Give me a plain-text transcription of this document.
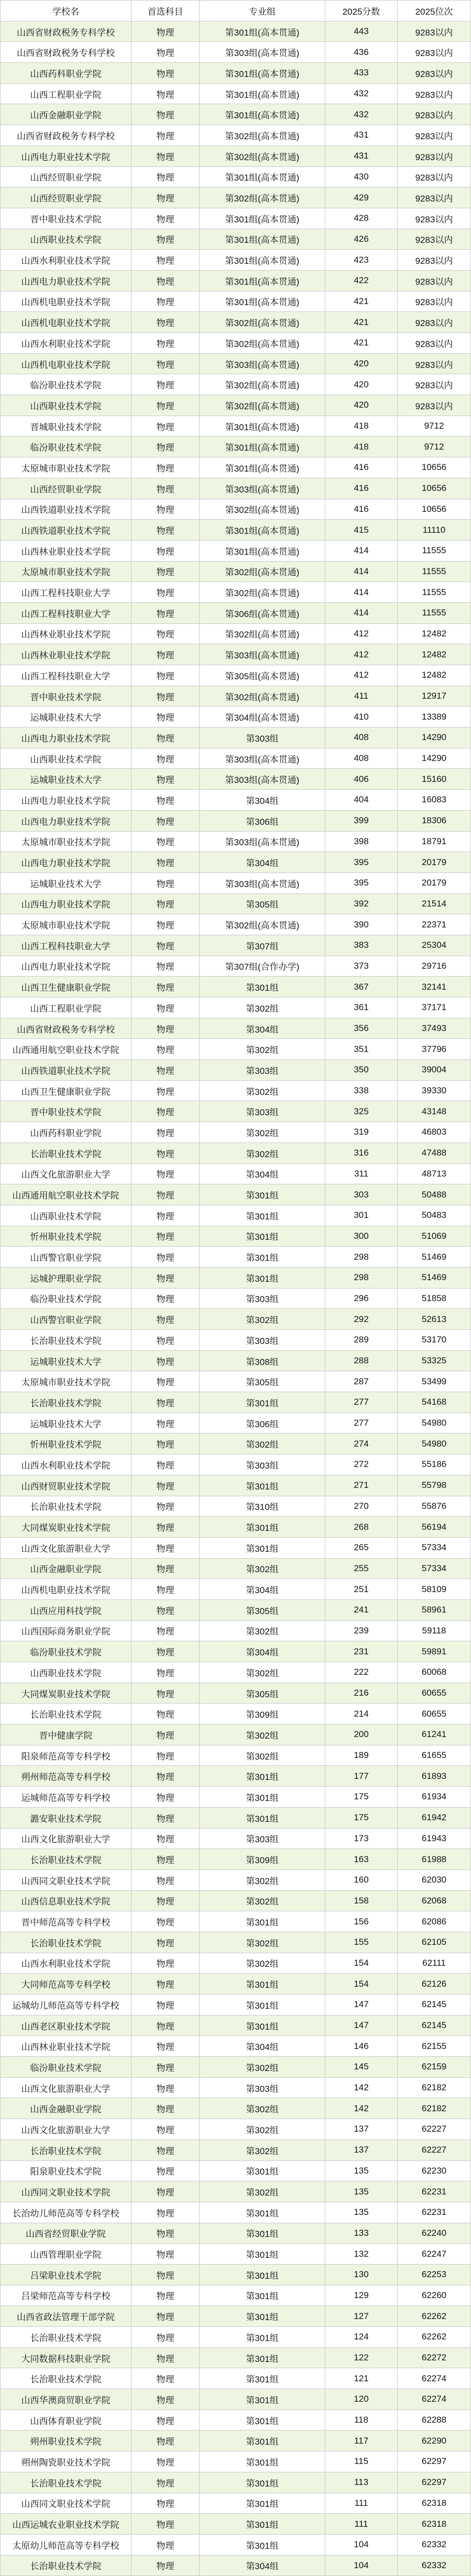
学校名	首选科目	专业组	2025分数	2025位次
山西省财政税务专科学校	物理	第301组(高本贯通)	443	9283以内
山西省财政税务专科学校	物理	第303组(高本贯通)	436	9283以内
山西药科职业学院	物理	第301组(高本贯通)	433	9283以内
山西工程职业学院	物理	第301组(高本贯通)	432	9283以内
山西金融职业学院	物理	第301组(高本贯通)	432	9283以内
山西省财政税务专科学校	物理	第302组(高本贯通)	431	9283以内
山西电力职业技术学院	物理	第302组(高本贯通)	431	9283以内
山西经贸职业学院	物理	第301组(高本贯通)	430	9283以内
山西经贸职业学院	物理	第302组(高本贯通)	429	9283以内
晋中职业技术学院	物理	第301组(高本贯通)	428	9283以内
山西职业技术学院	物理	第301组(高本贯通)	426	9283以内
山西水利职业技术学院	物理	第301组(高本贯通)	423	9283以内
山西电力职业技术学院	物理	第301组(高本贯通)	422	9283以内
山西机电职业技术学院	物理	第301组(高本贯通)	421	9283以内
山西机电职业技术学院	物理	第302组(高本贯通)	421	9283以内
山西水利职业技术学院	物理	第302组(高本贯通)	421	9283以内
山西机电职业技术学院	物理	第303组(高本贯通)	420	9283以内
临汾职业技术学院	物理	第302组(高本贯通)	420	9283以内
山西职业技术学院	物理	第302组(高本贯通)	420	9283以内
晋城职业技术学院	物理	第301组(高本贯通)	418	9712
临汾职业技术学院	物理	第301组(高本贯通)	418	9712
太原城市职业技术学院	物理	第301组(高本贯通)	416	10656
山西经贸职业学院	物理	第303组(高本贯通)	416	10656
山西铁道职业技术学院	物理	第302组(高本贯通)	416	10656
山西铁道职业技术学院	物理	第301组(高本贯通)	415	11110
山西林业职业技术学院	物理	第301组(高本贯通)	414	11555
太原城市职业技术学院	物理	第302组(高本贯通)	414	11555
山西工程科技职业大学	物理	第302组(高本贯通)	414	11555
山西工程科技职业大学	物理	第306组(高本贯通)	414	11555
山西林业职业技术学院	物理	第302组(高本贯通)	412	12482
山西林业职业技术学院	物理	第303组(高本贯通)	412	12482
山西工程科技职业大学	物理	第305组(高本贯通)	412	12482
晋中职业技术学院	物理	第302组(高本贯通)	411	12917
运城职业技术大学	物理	第304组(高本贯通)	410	13389
山西电力职业技术学院	物理	第303组	408	14290
山西职业技术学院	物理	第303组(高本贯通)	408	14290
运城职业技术大学	物理	第303组(高本贯通)	406	15160
山西电力职业技术学院	物理	第304组	404	16083
山西电力职业技术学院	物理	第306组	399	18306
太原城市职业技术学院	物理	第303组(高本贯通)	398	18791
山西电力职业技术学院	物理	第304组	395	20179
运城职业技术大学	物理	第303组(高本贯通)	395	20179
山西电力职业技术学院	物理	第305组	392	21514
太原城市职业技术学院	物理	第302组(高本贯通)	390	22371
山西工程科技职业大学	物理	第307组	383	25304
山西电力职业技术学院	物理	第307组(合作办学)	373	29716
山西卫生健康职业学院	物理	第301组	367	32141
山西工程职业学院	物理	第302组	361	37171
山西省财政税务专科学校	物理	第304组	356	37493
山西通用航空职业技术学院	物理	第302组	351	37796
山西铁道职业技术学院	物理	第303组	350	39004
山西卫生健康职业学院	物理	第302组	338	39330
晋中职业技术学院	物理	第303组	325	43148
山西药科职业学院	物理	第302组	319	46803
长治职业技术学院	物理	第302组	316	47488
山西文化旅游职业大学	物理	第304组	311	48713
山西通用航空职业技术学院	物理	第301组	303	50488
山西职业技术学院	物理	第301组	301	50483
忻州职业技术学院	物理	第301组	300	51069
山西警官职业学院	物理	第301组	298	51469
运城护理职业学院	物理	第301组	298	51469
临汾职业技术学院	物理	第303组	296	51858
山西警官职业学院	物理	第302组	292	52613
长治职业技术学院	物理	第303组	289	53170
运城职业技术大学	物理	第308组	288	53325
太原城市职业技术学院	物理	第305组	287	53499
长治职业技术学院	物理	第301组	277	54168
运城职业技术大学	物理	第306组	277	54980
忻州职业技术学院	物理	第302组	274	54980
山西水利职业技术学院	物理	第303组	272	55186
山西财贸职业技术学院	物理	第301组	271	55798
长治职业技术学院	物理	第310组	270	55876
大同煤炭职业技术学院	物理	第301组	268	56194
山西文化旅游职业大学	物理	第301组	265	57334
山西金融职业学院	物理	第302组	255	57334
山西机电职业技术学院	物理	第304组	251	58109
山西应用科技学院	物理	第305组	241	58961
山西国际商务职业学院	物理	第302组	239	59118
临汾职业技术学院	物理	第304组	231	59891
山西职业技术学院	物理	第302组	222	60068
大同煤炭职业技术学院	物理	第305组	216	60655
长治职业技术学院	物理	第309组	214	60655
晋中健康学院	物理	第302组	200	61241
阳泉师范高等专科学校	物理	第302组	189	61655
朔州师范高等专科学校	物理	第301组	177	61893
运城师范高等专科学校	物理	第301组	175	61934
潞安职业技术学院	物理	第301组	175	61942
山西文化旅游职业大学	物理	第303组	173	61943
长治职业技术学院	物理	第309组	163	61988
山西同文职业技术学院	物理	第302组	160	62030
山西信息职业技术学院	物理	第302组	158	62068
晋中师范高等专科学校	物理	第301组	156	62086
长治职业技术学院	物理	第302组	155	62105
山西水利职业技术学院	物理	第302组	154	62111
大同师范高等专科学校	物理	第301组	154	62126
运城幼儿师范高等专科学校	物理	第301组	147	62145
山西老区职业技术学院	物理	第301组	147	62145
山西林业职业技术学院	物理	第304组	146	62155
临汾职业技术学院	物理	第302组	145	62159
山西文化旅游职业大学	物理	第303组	142	62182
山西金融职业学院	物理	第302组	142	62182
山西文化旅游职业大学	物理	第302组	137	62227
长治职业技术学院	物理	第302组	137	62227
阳泉职业技术学院	物理	第301组	135	62230
山西同文职业技术学院	物理	第302组	135	62231
长治幼儿师范高等专科学校	物理	第301组	135	62231
山西省经贸职业学院	物理	第301组	133	62240
山西管理职业学院	物理	第301组	132	62247
吕梁职业技术学院	物理	第301组	130	62253
吕梁师范高等专科学校	物理	第301组	129	62260
山西省政法管理干部学院	物理	第301组	127	62262
长治职业技术学院	物理	第301组	124	62262
大同数据科技职业学院	物理	第301组	122	62272
长治职业技术学院	物理	第301组	121	62274
山西华澳商贸职业学院	物理	第301组	120	62274
山西体育职业学院	物理	第301组	118	62288
朔州职业技术学院	物理	第301组	117	62290
朔州陶瓷职业技术学院	物理	第301组	115	62297
长治职业技术学院	物理	第301组	113	62297
山西同文职业技术学院	物理	第301组	111	62318
山西运城农业职业技术学院	物理	第301组	111	62318
太原幼儿师范高等专科学校	物理	第301组	104	62332
长治职业技术学院	物理	第304组	104	62332
